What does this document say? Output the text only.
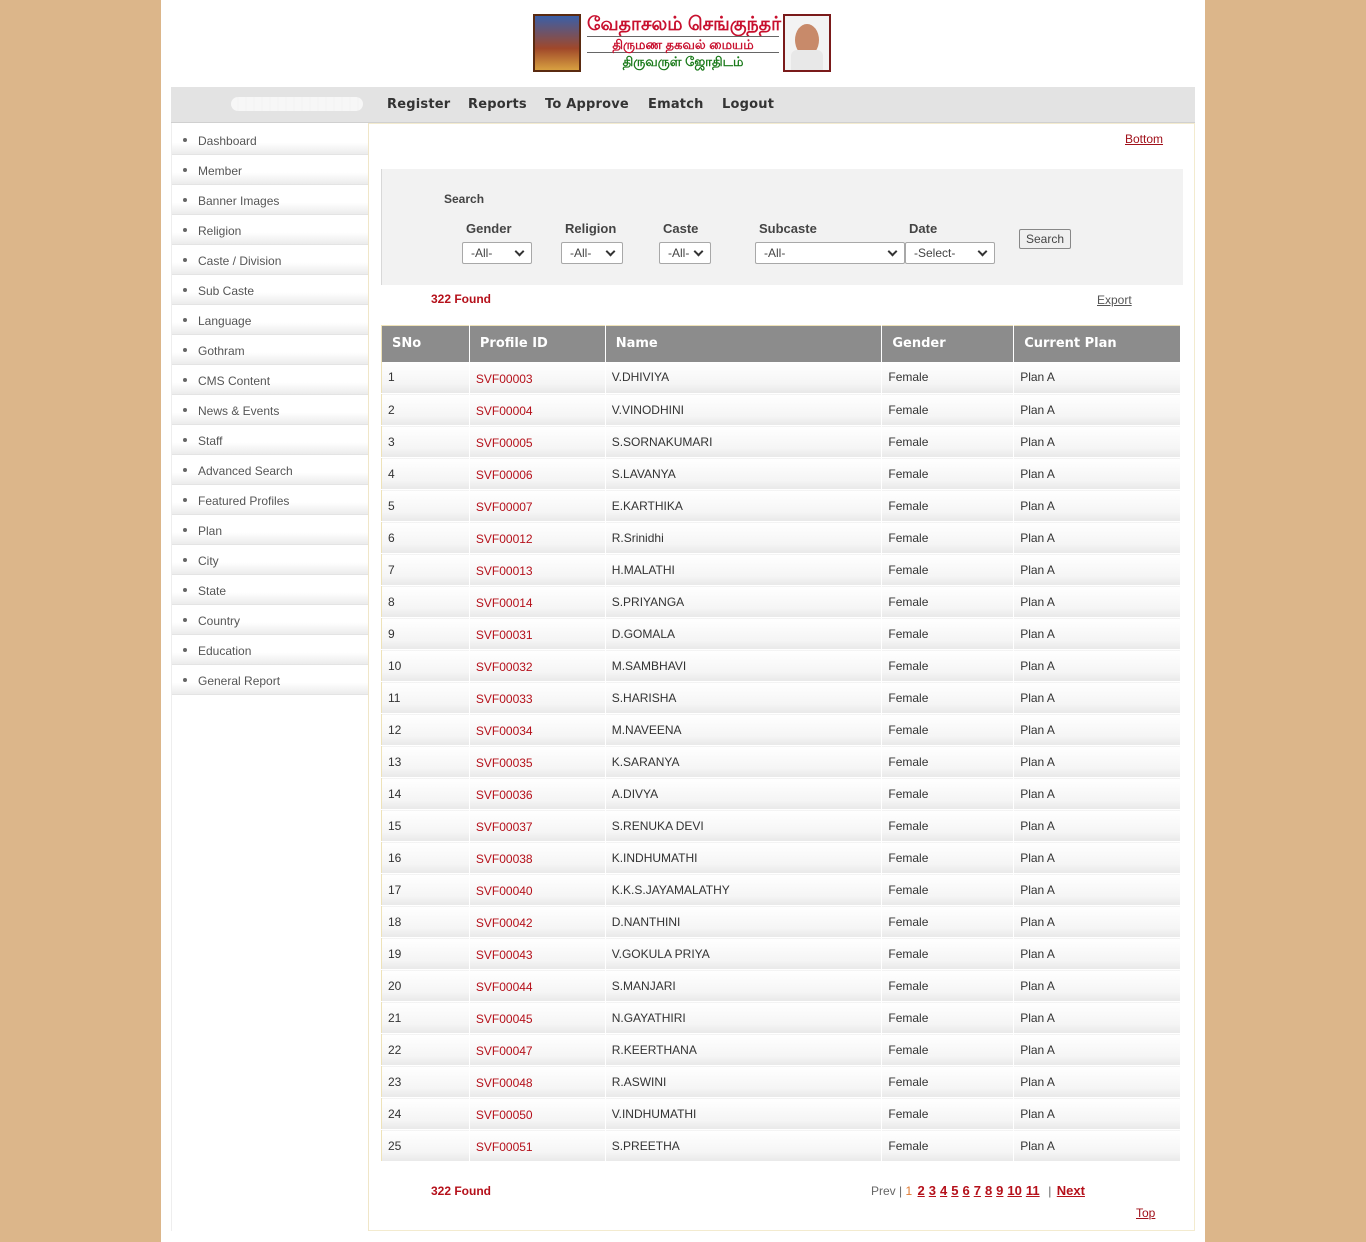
வேதாசலம் செங்குந்தர்
திருமண தகவல் மையம்
திருவருள் ஜோதிடம்
Register Reports To Approve Ematch Logout
Dashboard
Member
Banner Images
Religion
Caste / Division
Sub Caste
Language
Gothram
CMS Content
News & Events
Staff
Advanced Search
Featured Profiles
Plan
City
State
Country
Education
General Report
Bottom
Search
Gender
-All-
Religion
-All-
Caste
-All-
Subcaste
-All-
Date
-Select-
Search
322 Found	Export
SNo	Profile ID	Name	Gender	Current Plan
1	SVF00003	V.DHIVIYA	Female	Plan A
2	SVF00004	V.VINODHINI	Female	Plan A
3	SVF00005	S.SORNAKUMARI	Female	Plan A
4	SVF00006	S.LAVANYA	Female	Plan A
5	SVF00007	E.KARTHIKA	Female	Plan A
6	SVF00012	R.Srinidhi	Female	Plan A
7	SVF00013	H.MALATHI	Female	Plan A
8	SVF00014	S.PRIYANGA	Female	Plan A
9	SVF00031	D.GOMALA	Female	Plan A
10	SVF00032	M.SAMBHAVI	Female	Plan A
11	SVF00033	S.HARISHA	Female	Plan A
12	SVF00034	M.NAVEENA	Female	Plan A
13	SVF00035	K.SARANYA	Female	Plan A
14	SVF00036	A.DIVYA	Female	Plan A
15	SVF00037	S.RENUKA DEVI	Female	Plan A
16	SVF00038	K.INDHUMATHI	Female	Plan A
17	SVF00040	K.K.S.JAYAMALATHY	Female	Plan A
18	SVF00042	D.NANTHINI	Female	Plan A
19	SVF00043	V.GOKULA PRIYA	Female	Plan A
20	SVF00044	S.MANJARI	Female	Plan A
21	SVF00045	N.GAYATHIRI	Female	Plan A
22	SVF00047	R.KEERTHANA	Female	Plan A
23	SVF00048	R.ASWINI	Female	Plan A
24	SVF00050	V.INDHUMATHI	Female	Plan A
25	SVF00051	S.PREETHA	Female	Plan A
322 Found	Prev | 1 2 3 4 5 6 7 8 9 10 11 | Next
Top
